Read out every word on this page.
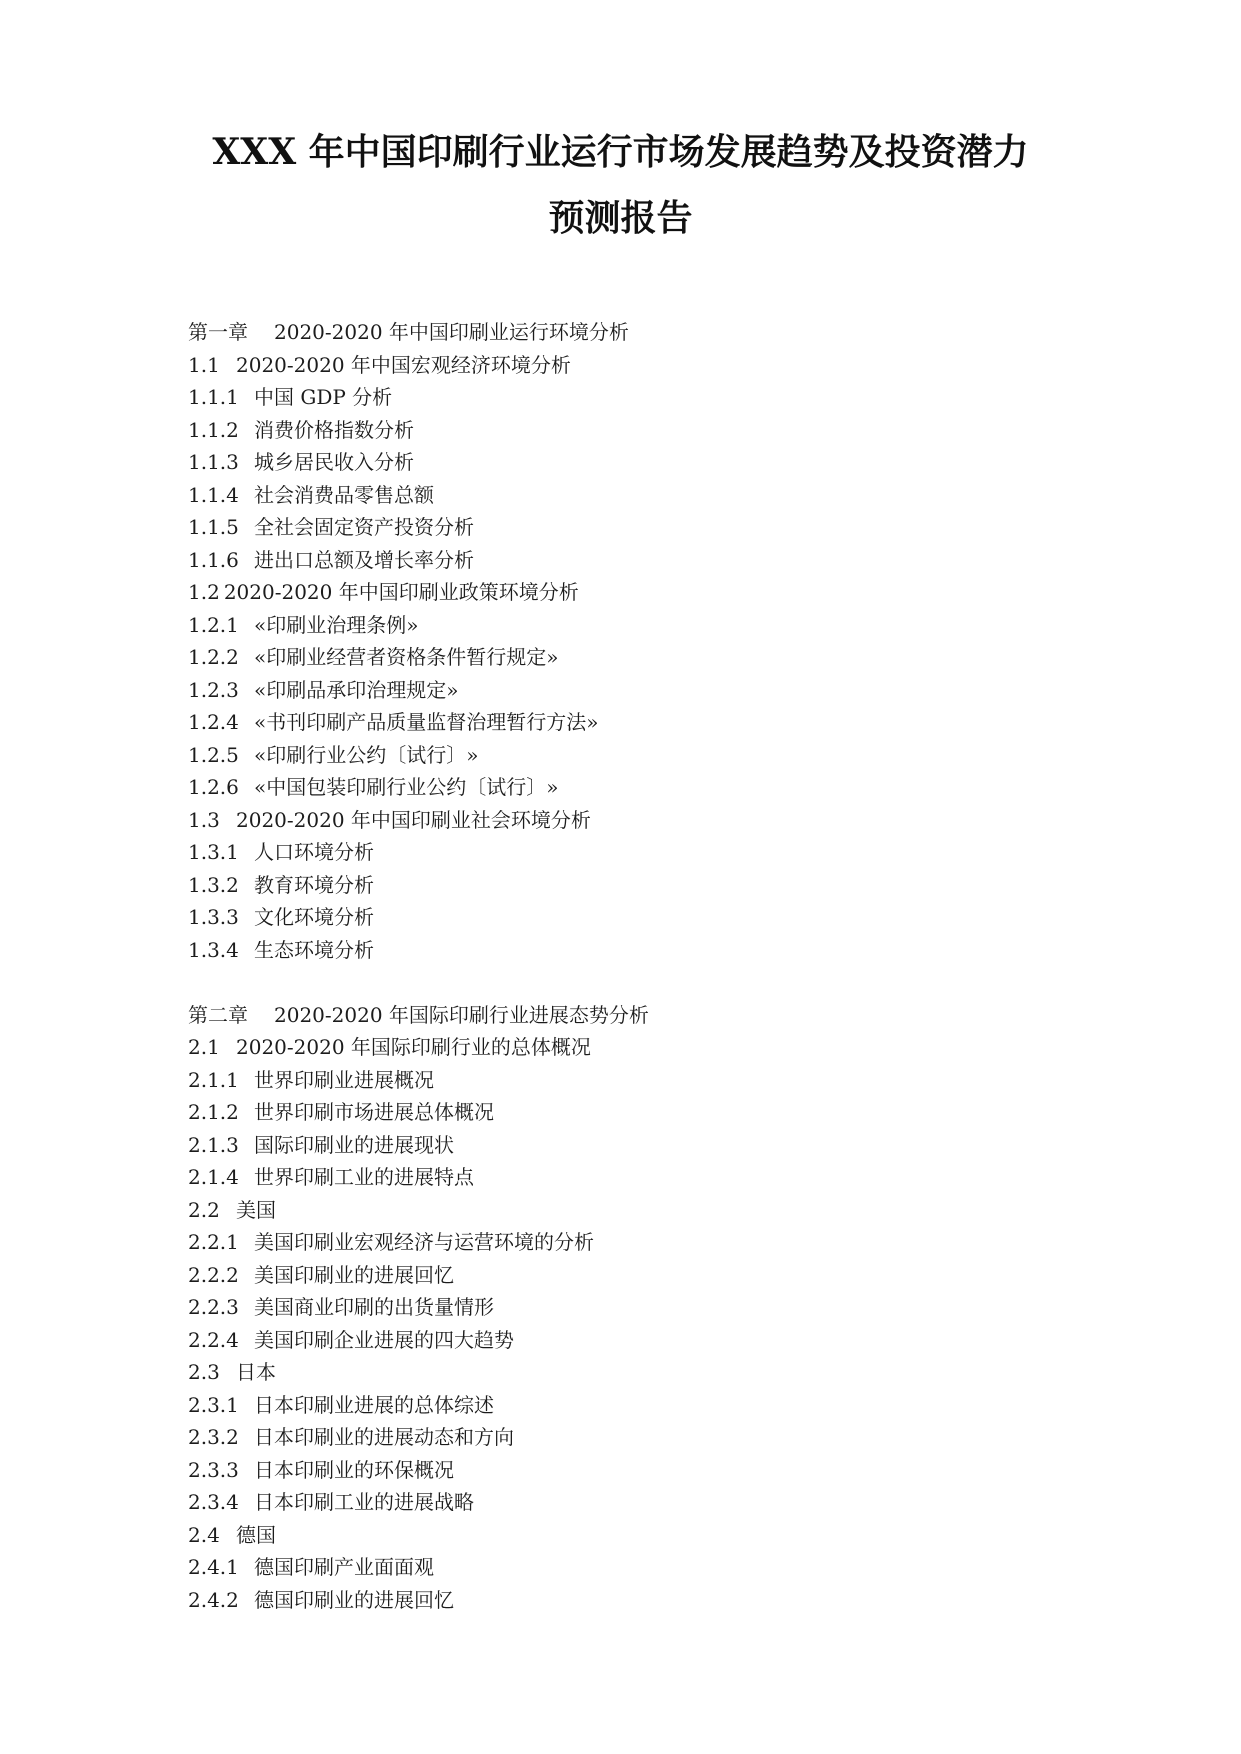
XXX 年中国印刷行业运行市场发展趋势及投资潜力
预测报告
第一章 2020-2020 年中国印刷业运行环境分析
1.1 2020-2020 年中国宏观经济环境分析
1.1.1 中国 GDP 分析
1.1.2 消费价格指数分析
1.1.3 城乡居民收入分析
1.1.4 社会消费品零售总额
1.1.5 全社会固定资产投资分析
1.1.6 进出口总额及增长率分析
1.2 2020-2020 年中国印刷业政策环境分析
1.2.1 «印刷业治理条例»
1.2.2 «印刷业经营者资格条件暂行规定»
1.2.3 «印刷品承印治理规定»
1.2.4 «书刊印刷产品质量监督治理暂行方法»
1.2.5 «印刷行业公约〔试行〕»
1.2.6 «中国包装印刷行业公约〔试行〕»
1.3 2020-2020 年中国印刷业社会环境分析
1.3.1 人口环境分析
1.3.2 教育环境分析
1.3.3 文化环境分析
1.3.4 生态环境分析
第二章 2020-2020 年国际印刷行业进展态势分析
2.1 2020-2020 年国际印刷行业的总体概况
2.1.1 世界印刷业进展概况
2.1.2 世界印刷市场进展总体概况
2.1.3 国际印刷业的进展现状
2.1.4 世界印刷工业的进展特点
2.2 美国
2.2.1 美国印刷业宏观经济与运营环境的分析
2.2.2 美国印刷业的进展回忆
2.2.3 美国商业印刷的出货量情形
2.2.4 美国印刷企业进展的四大趋势
2.3 日本
2.3.1 日本印刷业进展的总体综述
2.3.2 日本印刷业的进展动态和方向
2.3.3 日本印刷业的环保概况
2.3.4 日本印刷工业的进展战略
2.4 德国
2.4.1 德国印刷产业面面观
2.4.2 德国印刷业的进展回忆
